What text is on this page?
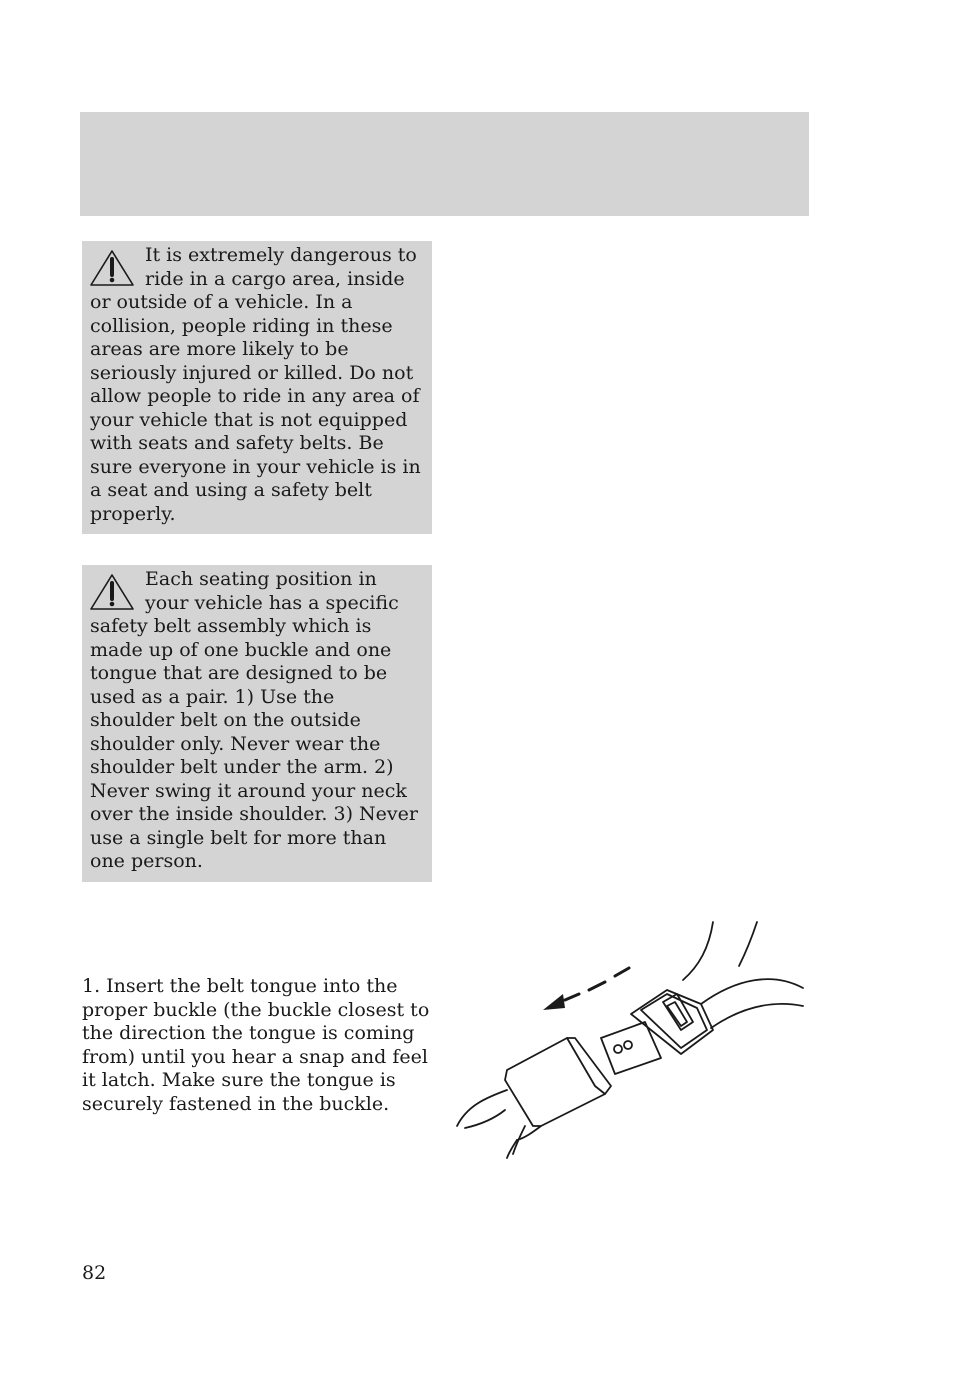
It is extremely dangerous to ride in a cargo area, inside or outside of a vehicle. In a collision, people riding in these areas are more likely to be seriously injured or killed. Do not allow people to ride in any area of your vehicle that is not equipped with seats and safety belts. Be sure everyone in your vehicle is in a seat and using a safety belt properly.
Each seating position in your vehicle has a specific safety belt assembly which is made up of one buckle and one tongue that are designed to be used as a pair. 1) Use the shoulder belt on the outside shoulder only. Never wear the shoulder belt under the arm. 2) Never swing it around your neck over the inside shoulder. 3) Never use a single belt for more than one person.
1. Insert the belt tongue into the proper buckle (the buckle closest to the direction the tongue is coming from) until you hear a snap and feel it latch. Make sure the tongue is securely fastened in the buckle.
82
